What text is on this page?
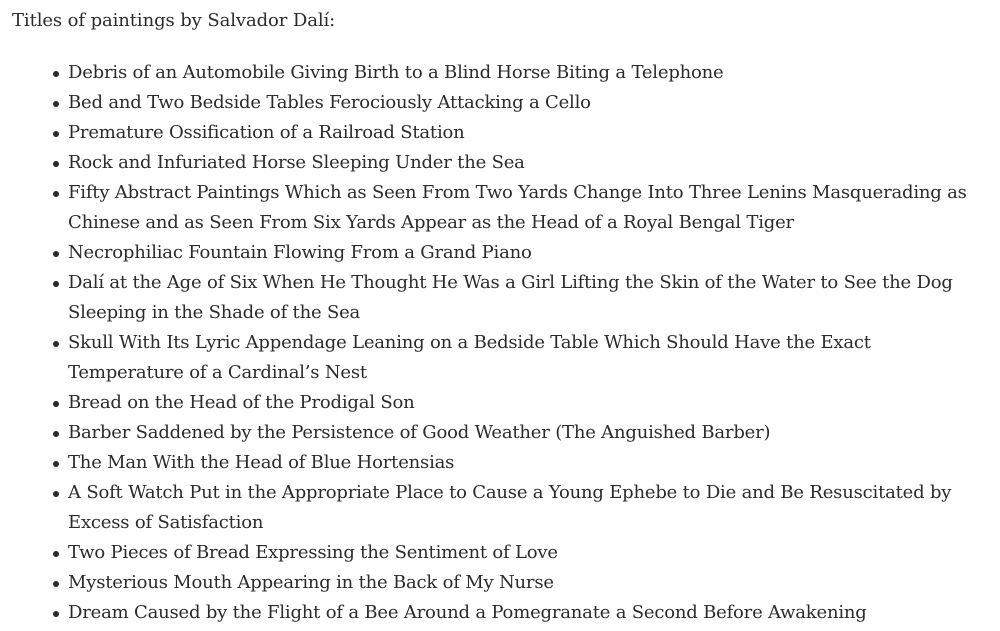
Titles of paintings by Salvador Dalí:

Debris of an Automobile Giving Birth to a Blind Horse Biting a Telephone
Bed and Two Bedside Tables Ferociously Attacking a Cello
Premature Ossification of a Railroad Station
Rock and Infuriated Horse Sleeping Under the Sea
Fifty Abstract Paintings Which as Seen From Two Yards Change Into Three Lenins Masquerading as Chinese and as Seen From Six Yards Appear as the Head of a Royal Bengal Tiger
Necrophiliac Fountain Flowing From a Grand Piano
Dalí at the Age of Six When He Thought He Was a Girl Lifting the Skin of the Water to See the Dog Sleeping in the Shade of the Sea
Skull With Its Lyric Appendage Leaning on a Bedside Table Which Should Have the Exact Temperature of a Cardinal’s Nest
Bread on the Head of the Prodigal Son
Barber Saddened by the Persistence of Good Weather (The Anguished Barber)
The Man With the Head of Blue Hortensias
A Soft Watch Put in the Appropriate Place to Cause a Young Ephebe to Die and Be Resuscitated by Excess of Satisfaction
Two Pieces of Bread Expressing the Sentiment of Love
Mysterious Mouth Appearing in the Back of My Nurse
Dream Caused by the Flight of a Bee Around a Pomegranate a Second Before Awakening
